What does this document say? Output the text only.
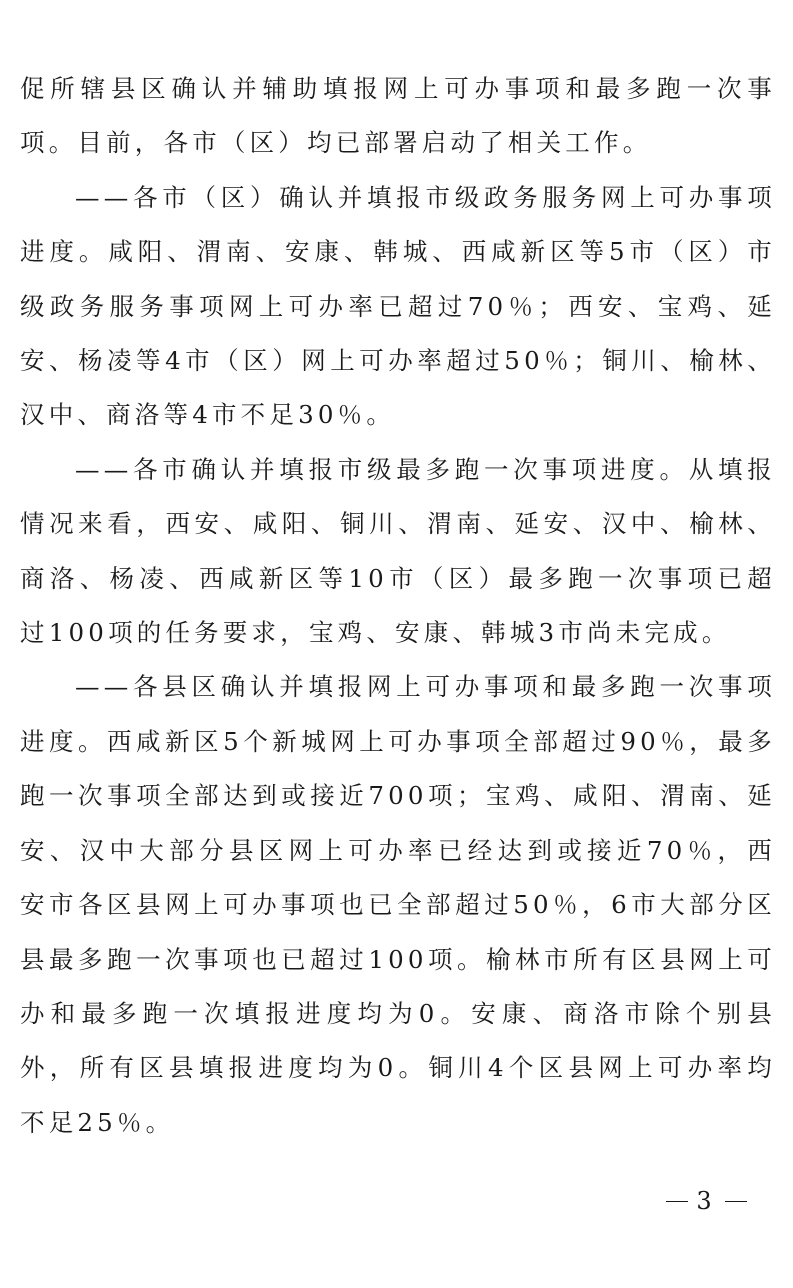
促所辖县区确认并辅助填报网上可办事项和最多跑一次事项。目前，各市（区）均已部署启动了相关工作。

——各市（区）确认并填报市级政务服务网上可办事项进度。咸阳、渭南、安康、韩城、西咸新区等5市（区）市级政务服务事项网上可办率已超过70％；西安、宝鸡、延安、杨凌等4市（区）网上可办率超过50％；铜川、榆林、汉中、商洛等4市不足30％。

——各市确认并填报市级最多跑一次事项进度。从填报情况来看，西安、咸阳、铜川、渭南、延安、汉中、榆林、商洛、杨凌、西咸新区等10市（区）最多跑一次事项已超过100项的任务要求，宝鸡、安康、韩城3市尚未完成。

——各县区确认并填报网上可办事项和最多跑一次事项进度。西咸新区5个新城网上可办事项全部超过90％，最多跑一次事项全部达到或接近700项；宝鸡、咸阳、渭南、延安、汉中大部分县区网上可办率已经达到或接近70％，西安市各区县网上可办事项也已全部超过50％，6市大部分区县最多跑一次事项也已超过100项。榆林市所有区县网上可办和最多跑一次填报进度均为0。安康、商洛市除个别县外，所有区县填报进度均为0。铜川4个区县网上可办率均不足25％。

3
